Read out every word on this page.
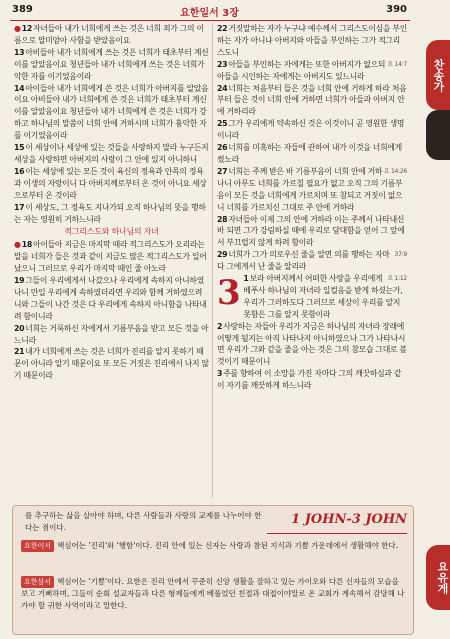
389	요한일서 3장	390

●12자녀들아 내가 너희에게 쓰는 것은 너희 죄가 그의 이름으로 말미암아 사함을 받았음이요

13아비들아 내가 너희에게 쓰는 것은 너희가 태초부터 계신 이를 알았음이요 청년들아 내가 너희에게 쓰는 것은 너희가 악한 자를 이기었음이라

14아이들아 내가 너희에게 쓴 것은 너희가 아버지를 알았음이요 아비들아 내가 너희에게 쓴 것은 너희가 태초부터 계신 이를 알았음이요 청년들아 내가 너희에게 쓴 것은 너희가 강하고 하나님의 말씀이 너희 안에 거하시며 너희가 흉악한 자를 이기었음이라

15이 세상이나 세상에 있는 것들을 사랑하지 말라 누구든지 세상을 사랑하면 아버지의 사랑이 그 안에 있지 아니하니

16이는 세상에 있는 모든 것이 육신의 정욕과 안목의 정욕과 이생의 자랑이니 다 아버지께로부터 온 것이 아니요 세상으로부터 온 것이라

17이 세상도, 그 정욕도 지나가되 오직 하나님의 뜻을 행하는 자는 영원히 거하느니라

적그리스도와 하나님의 자녀

●18아이들아 지금은 마지막 때라 적그리스도가 오리라는 말을 너희가 들은 것과 같이 지금도 많은 적그리스도가 일어났으니 그러므로 우리가 마지막 때인 줄 아노라

19그들이 우리에게서 나갔으나 우리에게 속하지 아니하였나니 만일 우리에게 속하였더라면 우리와 함께 거하였으려니와 그들이 나간 것은 다 우리에게 속하지 아니함을 나타내려 함이니라

20너희는 거룩하신 자에게서 기름부음을 받고 모든 것을 아느니라

21내가 너희에게 쓰는 것은 너희가 진리를 알지 못하기 때문이 아니라 알기 때문이요 또 모든 거짓은 진리에서 나지 않기 때문이라

22거짓말하는 자가 누구냐 예수께서 그리스도이심을 부인하는 자가 아니냐 아버지와 아들을 부인하는 그가 적그리스도니

요 14:7
23아들을 부인하는 자에게는 또한 아버지가 없으되 아들을 시인하는 자에게는 아버지도 있느니라

24너희는 처음부터 들은 것을 너희 안에 거하게 하라 처음부터 들은 것이 너희 안에 거하면 너희가 아들과 아버지 안에 거하리라

25그가 우리에게 약속하신 것은 이것이니 곧 영원한 생명이니라

26너희를 미혹하는 자들에 관하여 내가 이것을 너희에게 썼노라

요 14:26
27너희는 주께 받은 바 기름부음이 너희 안에 거하나니 아무도 너희를 가르칠 필요가 없고 오직 그의 기름부음이 모든 것을 너희에게 가르치며 또 참되고 거짓이 없으니 너희를 가르치신 그대로 주 안에 거하라

28자녀들아 이제 그의 안에 거하라 이는 주께서 나타내신 바 되면 그가 강림하실 때에 우리로 담대함을 얻어 그 앞에서 부끄럽지 않게 하려 함이라

37:9
29너희가 그가 의로우신 줄을 알면 의를 행하는 자마다 그에게서 난 줄을 알리라

요 1:12
3 1보라 아버지께서 어떠한 사랑을 우리에게 베푸사 하나님의 자녀라 일컬음을 받게 하셨는가, 우리가 그러하도다 그러므로 세상이 우리를 알지 못함은 그를 알지 못함이라

2사랑하는 자들아 우리가 지금은 하나님의 자녀라 장래에 어떻게 될지는 아직 나타나지 아니하였으나 그가 나타나시면 우리가 그와 같을 줄을 아는 것은 그의 참모습 그대로 볼 것이기 때문이니

3주를 향하여 이 소망을 가진 자마다 그의 깨끗하심과 같이 자기를 깨끗하게 하느니라

찬송가
요유게
를 추구하는 삶을 살아야 하며, 다른 사람들과 사랑의 교제를 나누어야 한다는 점이다.
1 JOHN-3 JOHN
요한이서 핵심어는 '진리'와 '행함'이다. 진리 안에 있는 신자는 사랑과 참된 지식과 기쁨 가운데에서 생활해야 한다.
요한삼서 핵심어는 '기쁨'이다. 요한은 진리 안에서 꾸준히 신앙 생활을 잘하고 있는 가이오와 다른 신자들의 모습을 보고 기뻐하며, 그들이 순회 설교자들과 다른 형제들에게 베풀었던 친절과 대접이야말로 온 교회가 계속해서 감당해 나가야 할 귀한 사역이라고 말한다.
